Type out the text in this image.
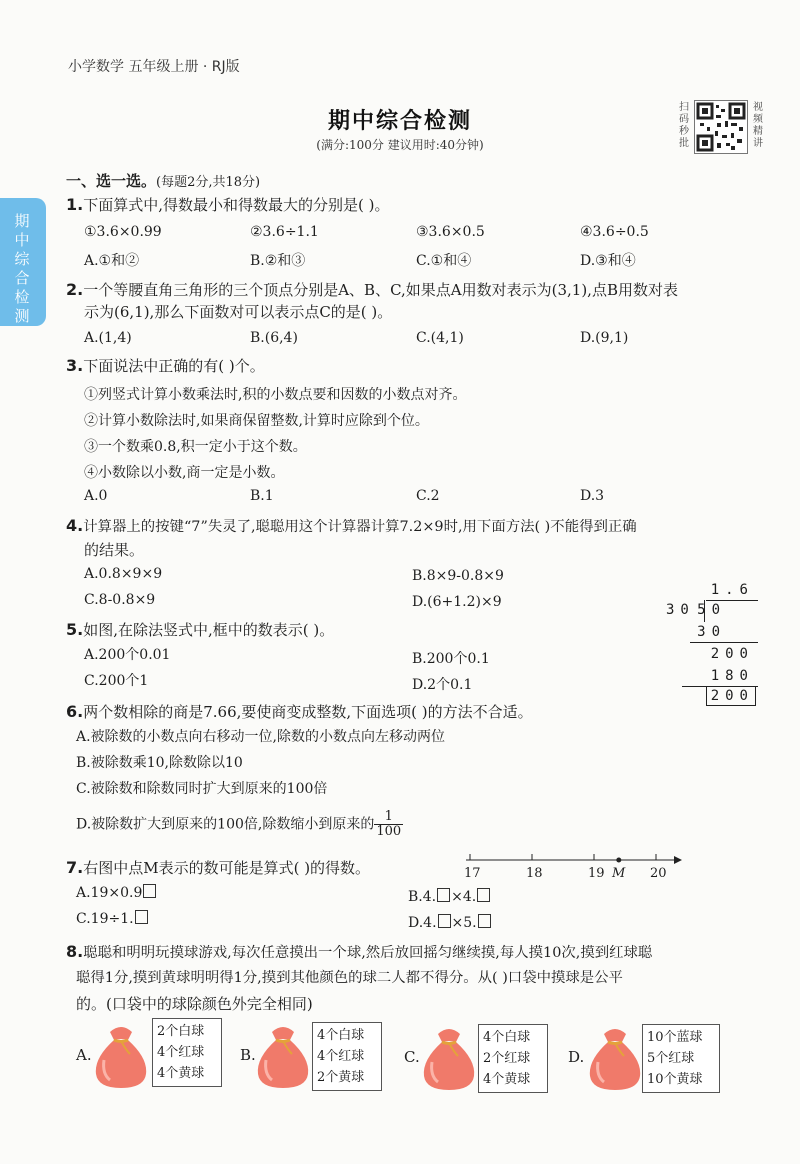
小学数学 五年级上册 · RJ版
期中综合检测
(满分:100分 建议用时:40分钟)
扫码秒批
视频精讲
期中综合检测
一、选一选。(每题2分,共18分)
1.下面算式中,得数最小和得数最大的分别是( )。
①3.6×0.99	②3.6÷1.1	③3.6×0.5	④3.6÷0.5
A.①和②	B.②和③	C.①和④	D.③和④
2.一个等腰直角三角形的三个顶点分别是A、B、C,如果点A用数对表示为(3,1),点B用数对表
示为(6,1),那么下面数对可以表示点C的是( )。
A.(1,4)	B.(6,4)	C.(4,1)	D.(9,1)
3.下面说法中正确的有( )个。
①列竖式计算小数乘法时,积的小数点要和因数的小数点对齐。
②计算小数除法时,如果商保留整数,计算时应除到个位。
③一个数乘0.8,积一定小于这个数。
④小数除以小数,商一定是小数。
A.0	B.1	C.2	D.3
4.计算器上的按键“7”失灵了,聪聪用这个计算器计算7.2×9时,用下面方法( )不能得到正确
的结果。
A.0.8×9×9	B.8×9-0.8×9
C.8-0.8×9	D.(6+1.2)×9
1.6
30 50
30
200
180
200
5.如图,在除法竖式中,框中的数表示( )。
A.200个0.01	B.200个0.1
C.200个1	D.2个0.1
6.两个数相除的商是7.66,要使商变成整数,下面选项( )的方法不合适。
A.被除数的小数点向右移动一位,除数的小数点向左移动两位
B.被除数乘10,除数除以10
C.被除数和除数同时扩大到原来的100倍
D.被除数扩大到原来的100倍,除数缩小到原来的 $\frac{1}{100}$
17	18	19 M 20
7.右图中点M表示的数可能是算式( )的得数。
A.19×0.9	B.4. ×4.
C.19÷1.	D.4. ×5.
8.聪聪和明明玩摸球游戏,每次任意摸出一个球,然后放回摇匀继续摸,每人摸10次,摸到红球聪
聪得1分,摸到黄球明明得1分,摸到其他颜色的球二人都不得分。从( )口袋中摸球是公平
的。(口袋中的球除颜色外完全相同)
A.
2个白球
4个红球
4个黄球
B.
4个白球
4个红球
2个黄球
C.
4个白球
2个红球
4个黄球
D.
10个蓝球
5个红球
10个黄球
